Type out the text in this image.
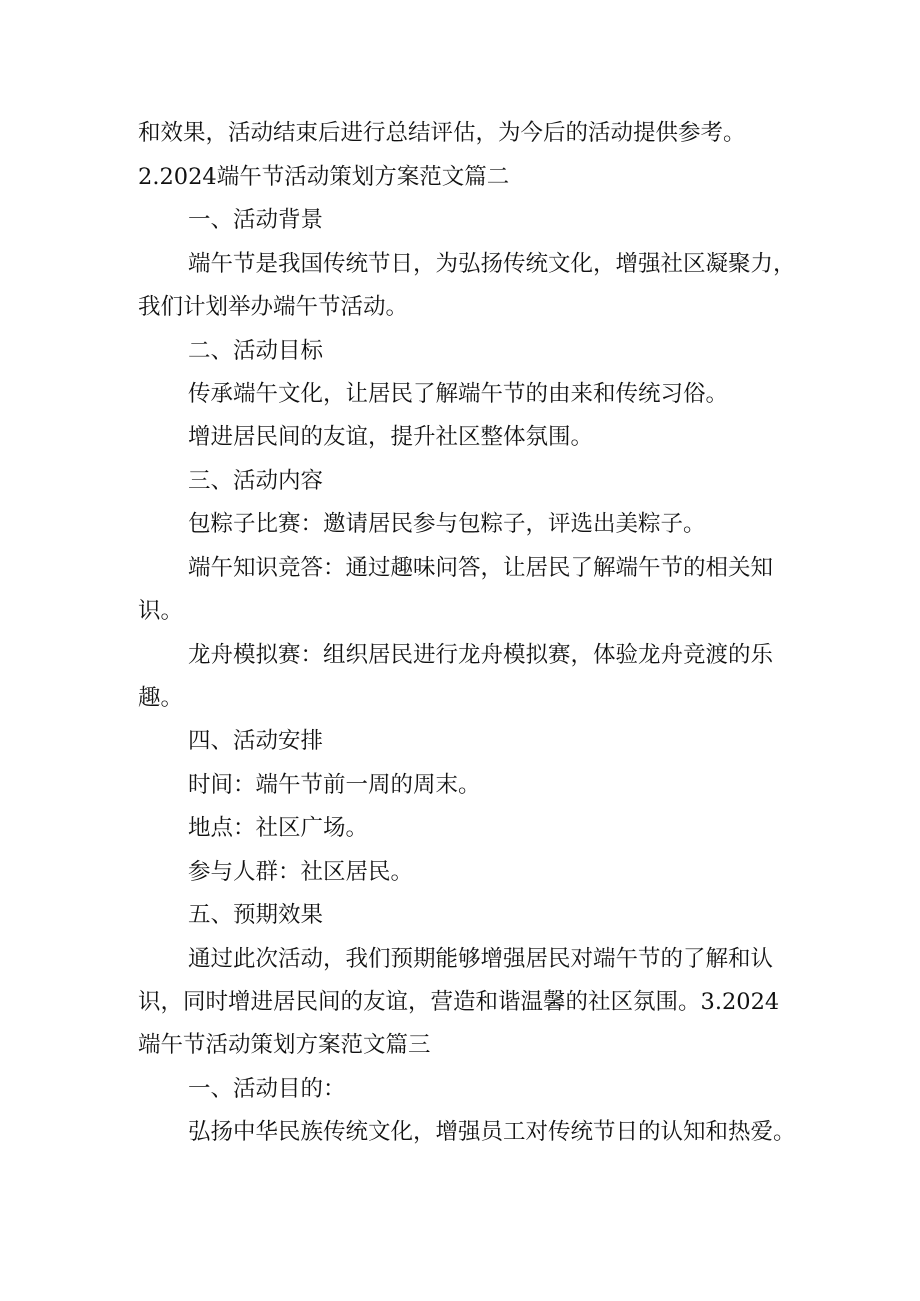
和效果，活动结束后进行总结评估，为今后的活动提供参考。

2.2024端午节活动策划方案范文篇二

一、活动背景

端午节是我国传统节日，为弘扬传统文化，增强社区凝聚力，

我们计划举办端午节活动。

二、活动目标

传承端午文化，让居民了解端午节的由来和传统习俗。

增进居民间的友谊，提升社区整体氛围。

三、活动内容

包粽子比赛：邀请居民参与包粽子，评选出美粽子。

端午知识竞答：通过趣味问答，让居民了解端午节的相关知

识。

龙舟模拟赛：组织居民进行龙舟模拟赛，体验龙舟竞渡的乐

趣。

四、活动安排

时间：端午节前一周的周末。

地点：社区广场。

参与人群：社区居民。

五、预期效果

通过此次活动，我们预期能够增强居民对端午节的了解和认

识，同时增进居民间的友谊，营造和谐温馨的社区氛围。3.2024

端午节活动策划方案范文篇三

一、活动目的：

弘扬中华民族传统文化，增强员工对传统节日的认知和热爱。
